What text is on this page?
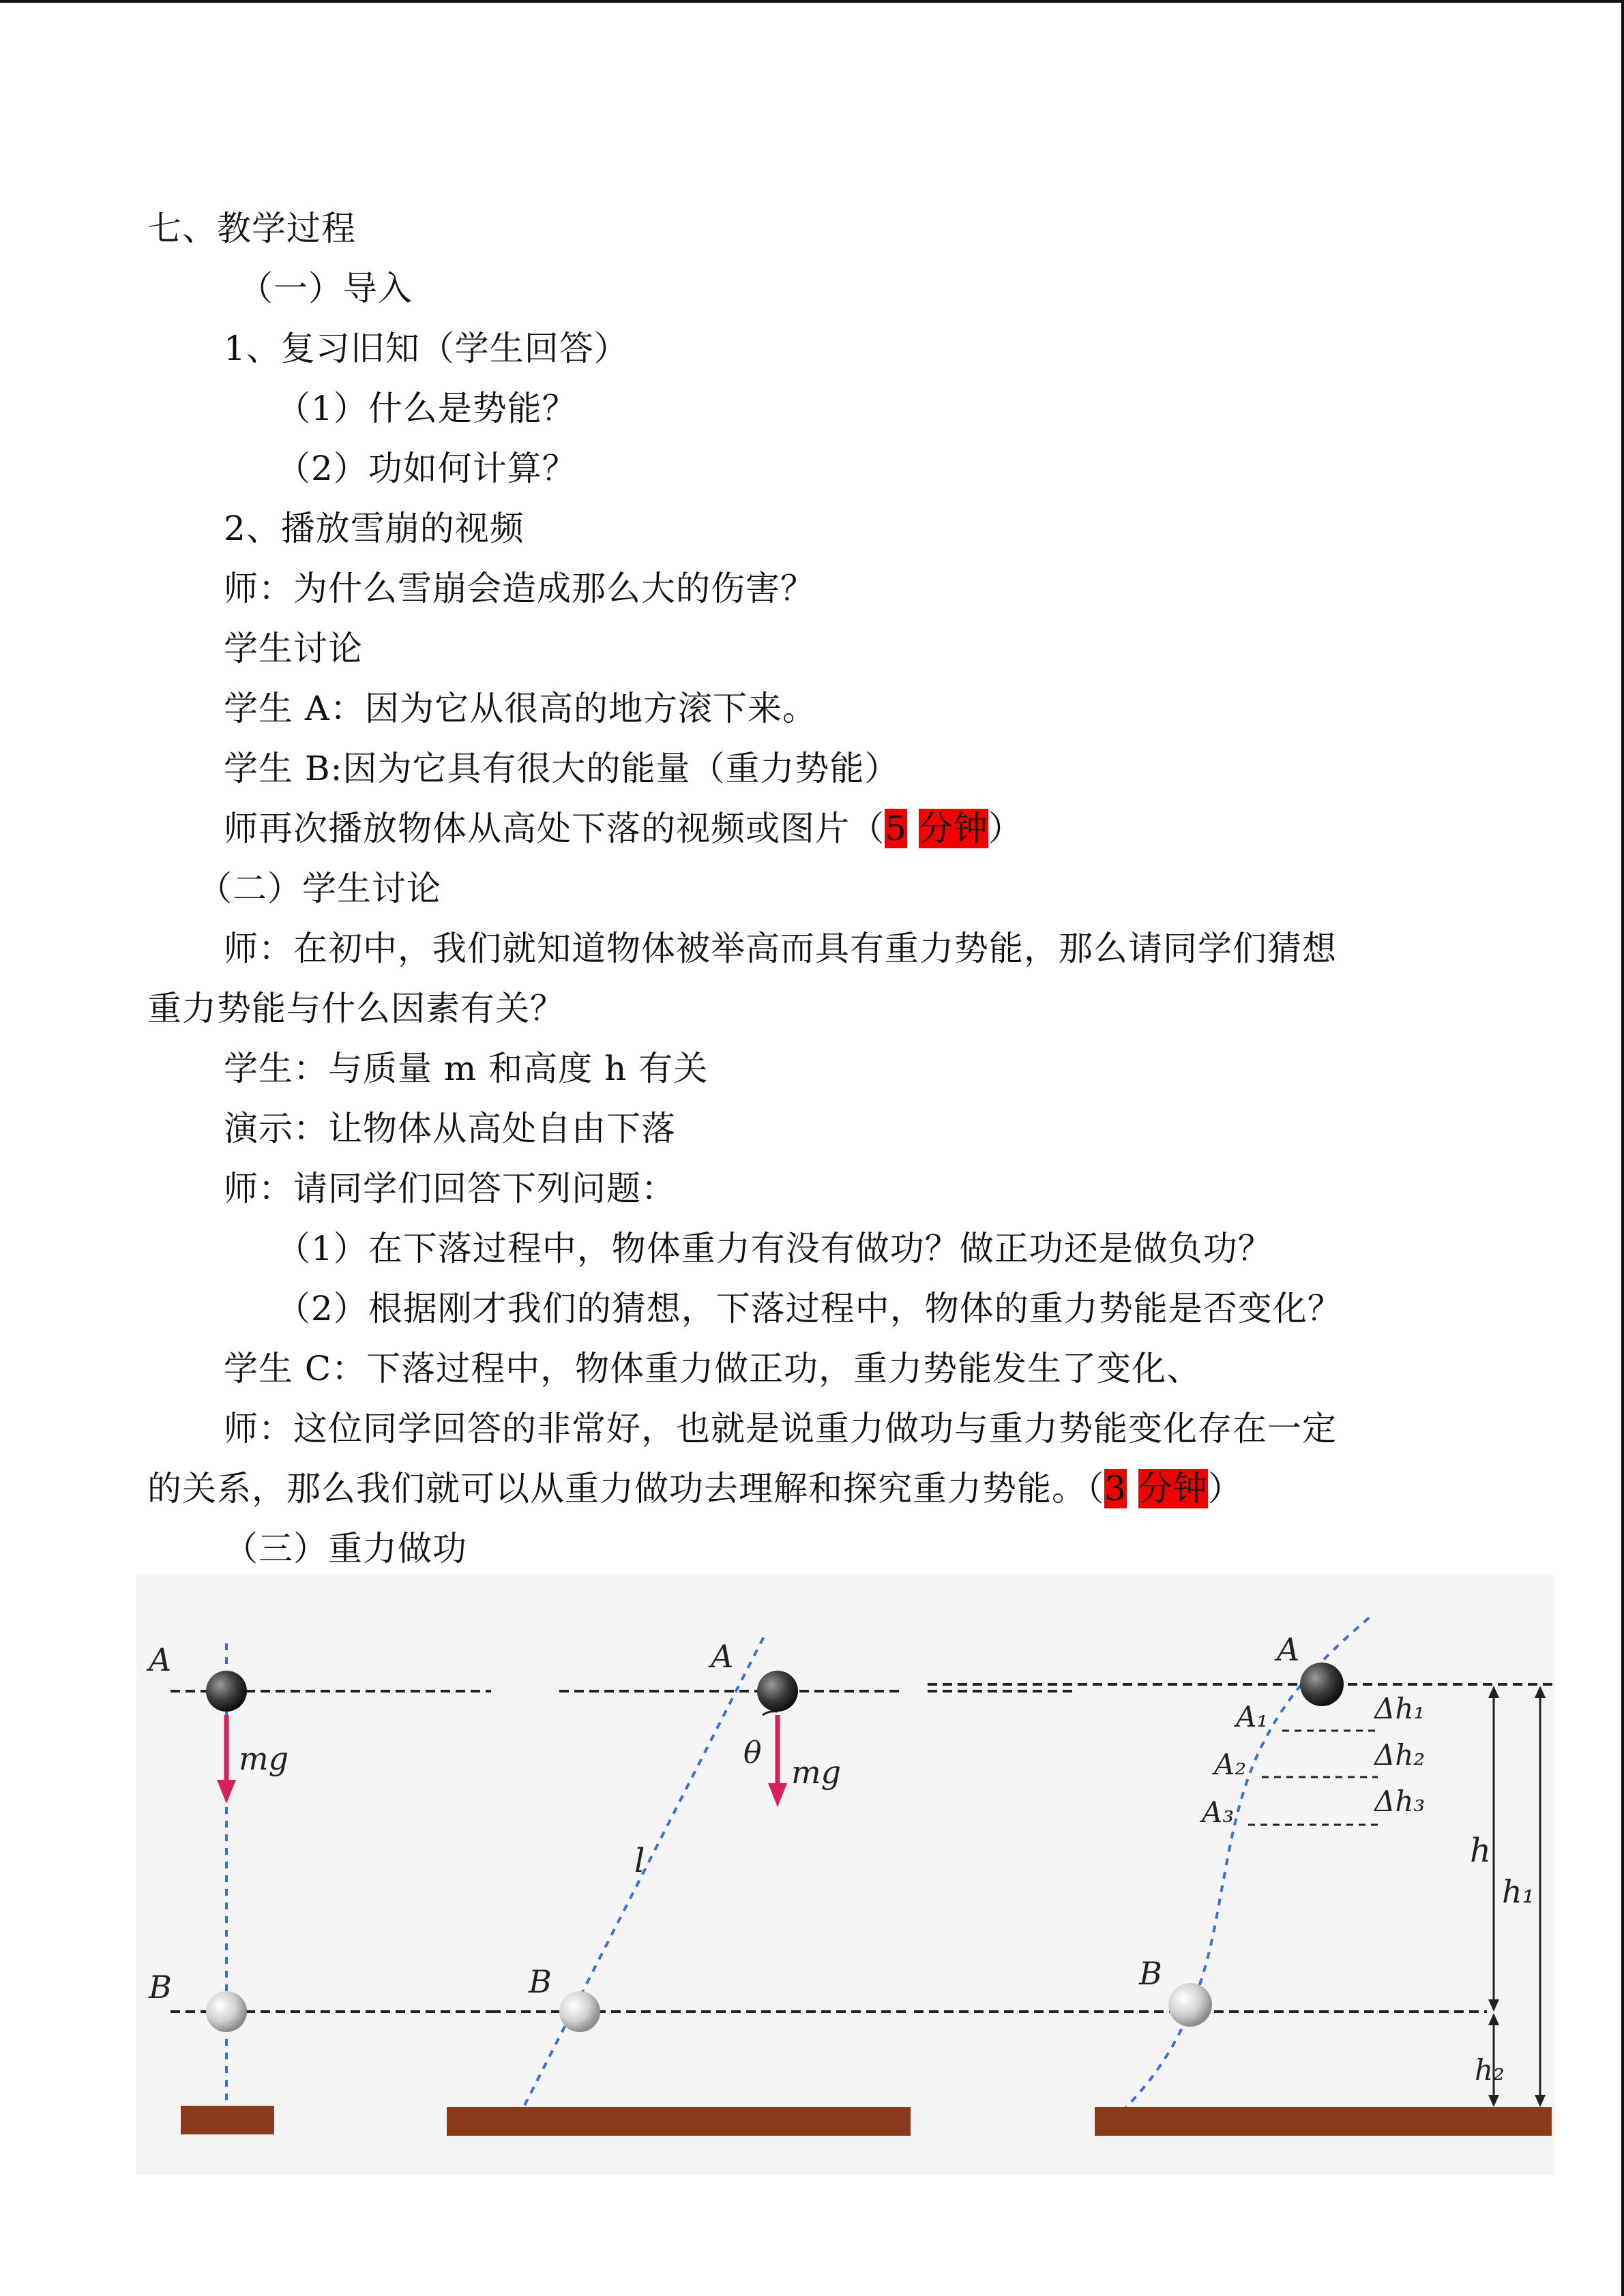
七、教学过程
（一）导入
1、复习旧知（学生回答）
（1）什么是势能？
（2）功如何计算？
2、播放雪崩的视频
师：为什么雪崩会造成那么大的伤害？
学生讨论
学生 A：因为它从很高的地方滚下来。
学生 B:因为它具有很大的能量（重力势能）
师再次播放物体从高处下落的视频或图片（5 分钟）
（二）学生讨论
师：在初中，我们就知道物体被举高而具有重力势能，那么请同学们猜想
重力势能与什么因素有关？
学生：与质量 m 和高度 h 有关
演示：让物体从高处自由下落
师：请同学们回答下列问题：
（1）在下落过程中，物体重力有没有做功？做正功还是做负功？
（2）根据刚才我们的猜想，下落过程中，物体的重力势能是否变化？
学生 C：下落过程中，物体重力做正功，重力势能发生了变化、
师：这位同学回答的非常好，也就是说重力做功与重力势能变化存在一定
的关系，那么我们就可以从重力做功去理解和探究重力势能。（3 分钟）
（三）重力做功
A
B
mg
A
θ
mg
l
B
A
A₁
A₂
A₃
Δh₁
Δh₂
Δh₃
h
h₁
h₂
B
